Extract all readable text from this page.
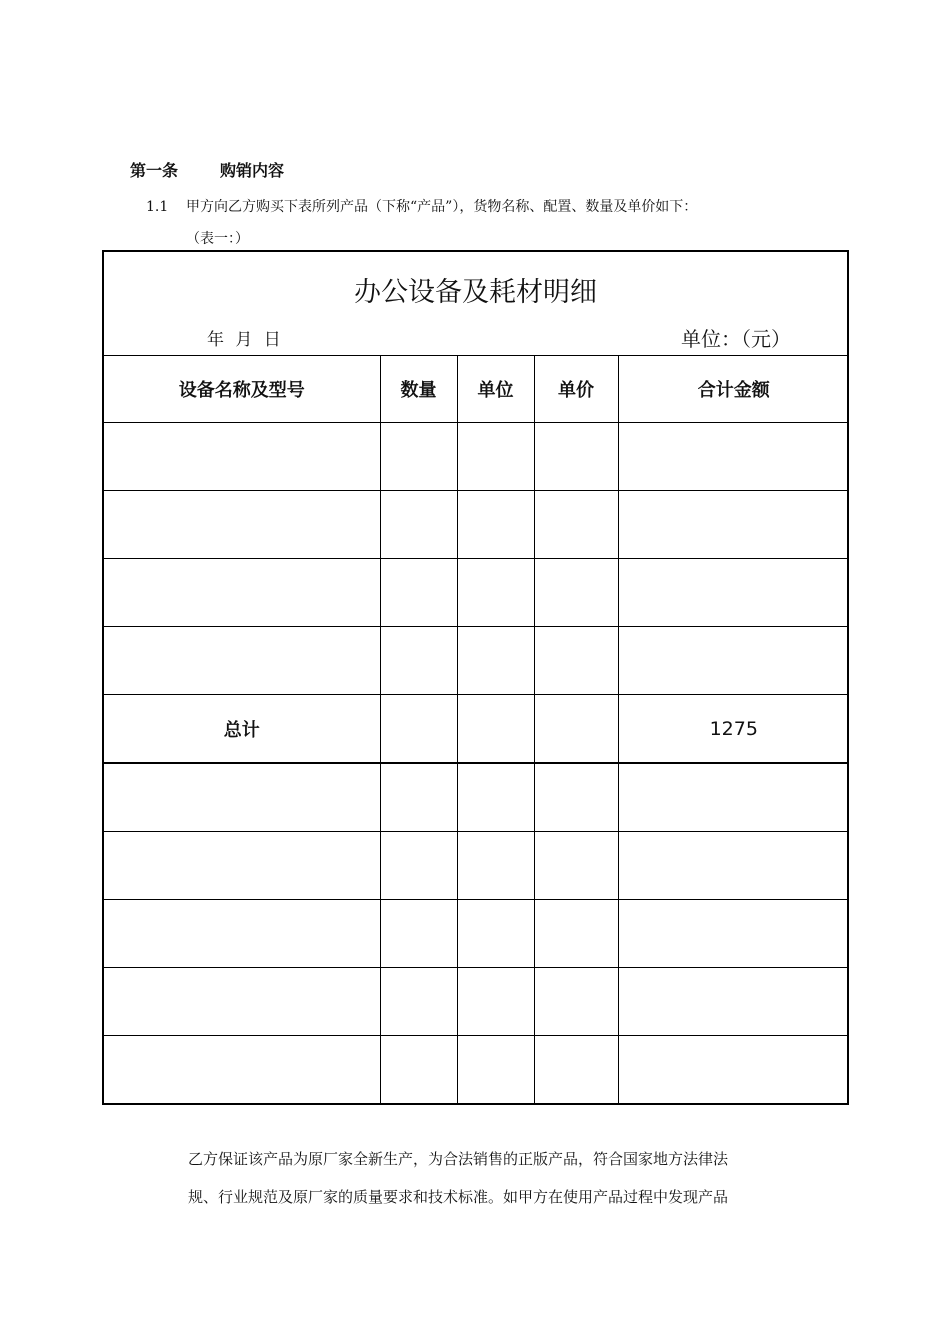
第一条	购销内容
1.1 甲方向乙方购买下表所列产品（下称“产品”），货物名称、配置、数量及单价如下：
（表一：）
办公设备及耗材明细
年 月 日	单位：（元）
设备名称及型号	数量	单位	单价	合计金额

总计				1275

乙方保证该产品为原厂家全新生产，为合法销售的正版产品，符合国家地方法律法
规、行业规范及原厂家的质量要求和技术标准。如甲方在使用产品过程中发现产品
